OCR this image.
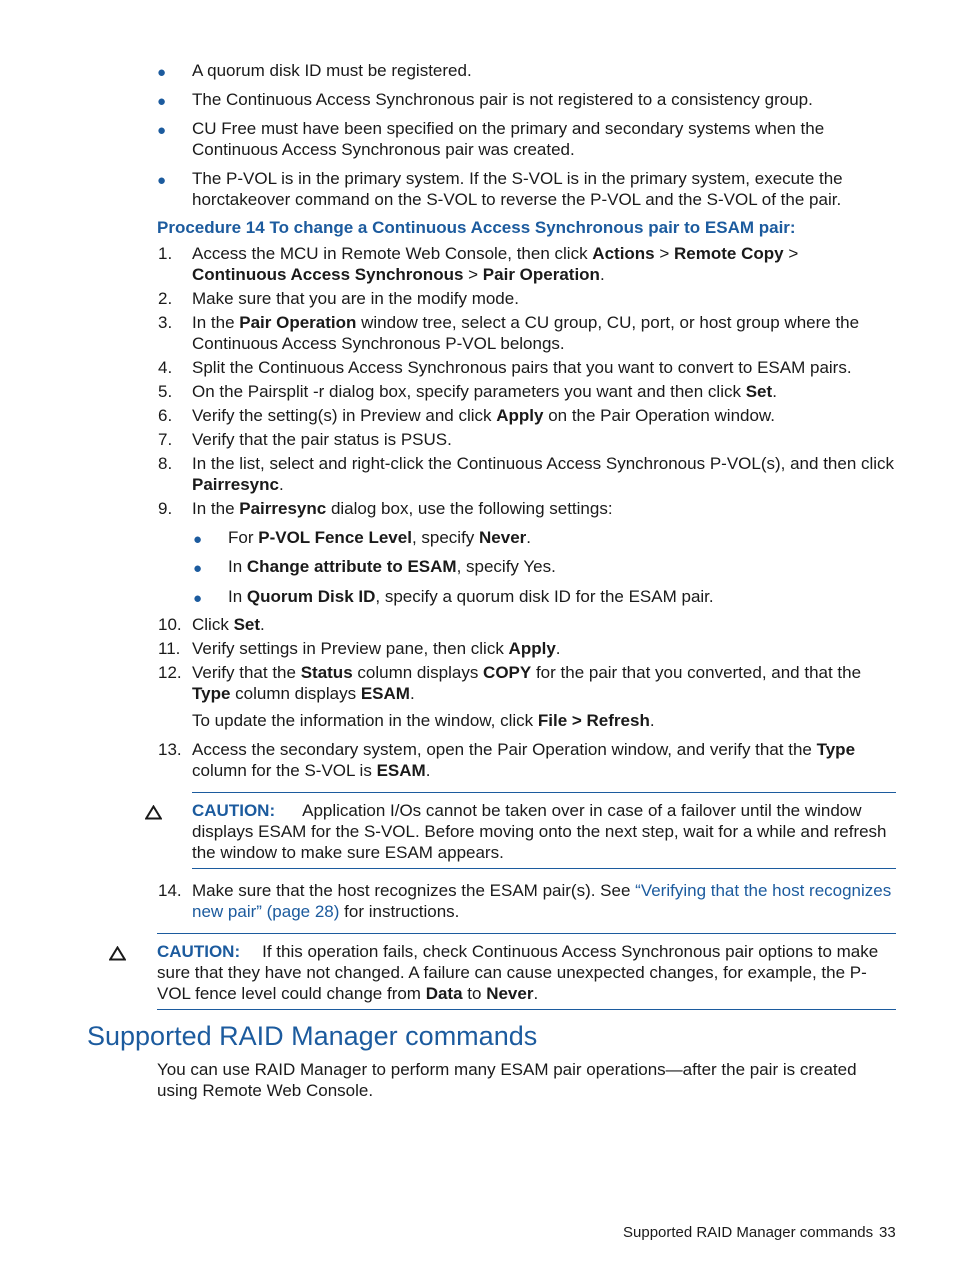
● A quorum disk ID must be registered.
● The Continuous Access Synchronous pair is not registered to a consistency group.
● CU Free must have been specified on the primary and secondary systems when the Continuous Access Synchronous pair was created.
● The P-VOL is in the primary system. If the S-VOL is in the primary system, execute the horctakeover command on the S-VOL to reverse the P-VOL and the S-VOL of the pair.
Procedure 14 To change a Continuous Access Synchronous pair to ESAM pair:
1. Access the MCU in Remote Web Console, then click Actions > Remote Copy > Continuous Access Synchronous > Pair Operation.
2. Make sure that you are in the modify mode.
3. In the Pair Operation window tree, select a CU group, CU, port, or host group where the Continuous Access Synchronous P-VOL belongs.
4. Split the Continuous Access Synchronous pairs that you want to convert to ESAM pairs.
5. On the Pairsplit -r dialog box, specify parameters you want and then click Set.
6. Verify the setting(s) in Preview and click Apply on the Pair Operation window.
7. Verify that the pair status is PSUS.
8. In the list, select and right-click the Continuous Access Synchronous P-VOL(s), and then click Pairresync.
9. In the Pairresync dialog box, use the following settings:
● For P-VOL Fence Level, specify Never.
● In Change attribute to ESAM, specify Yes.
● In Quorum Disk ID, specify a quorum disk ID for the ESAM pair.
10. Click Set.
11. Verify settings in Preview pane, then click Apply.
12. Verify that the Status column displays COPY for the pair that you converted, and that the Type column displays ESAM.
To update the information in the window, click File > Refresh.
13. Access the secondary system, open the Pair Operation window, and verify that the Type column for the S-VOL is ESAM.
CAUTION: Application I/Os cannot be taken over in case of a failover until the window displays ESAM for the S-VOL. Before moving onto the next step, wait for a while and refresh the window to make sure ESAM appears.
14. Make sure that the host recognizes the ESAM pair(s). See “Verifying that the host recognizes new pair” (page 28) for instructions.
CAUTION: If this operation fails, check Continuous Access Synchronous pair options to make sure that they have not changed. A failure can cause unexpected changes, for example, the P-VOL fence level could change from Data to Never.
Supported RAID Manager commands
You can use RAID Manager to perform many ESAM pair operations—after the pair is created using Remote Web Console.
Supported RAID Manager commands 33
